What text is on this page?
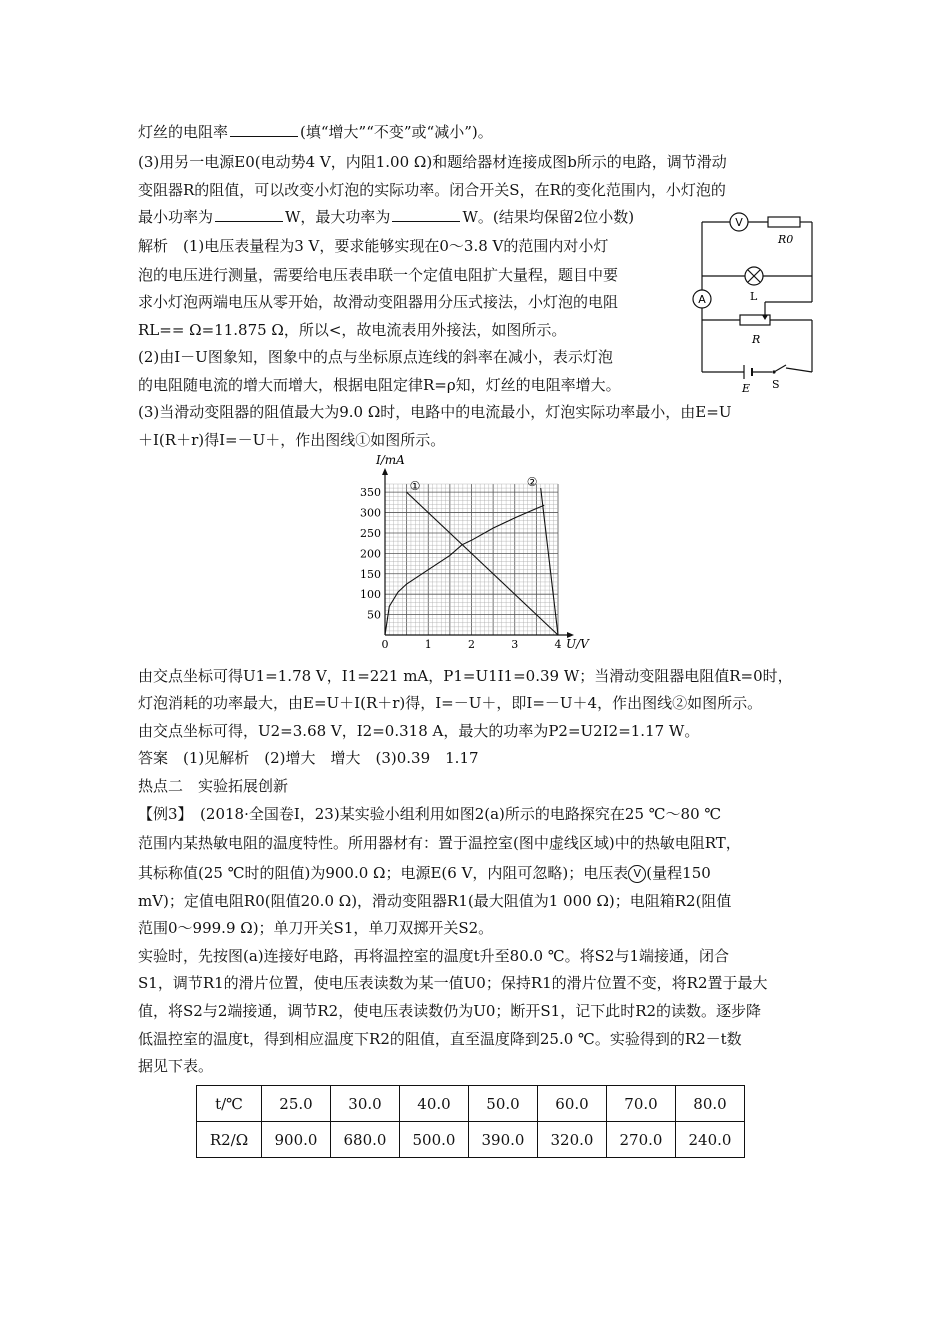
灯丝的电阻率	(填“增大”“不变”或“减小”)。
(3)用另一电源E0(电动势4 V，内阻1.00 Ω)和题给器材连接成图b所示的电路，调节滑动
变阻器R的阻值，可以改变小灯泡的实际功率。闭合开关S，在R的变化范围内，小灯泡的
最小功率为	W，最大功率为	W。(结果均保留2位小数)
解析　(1)电压表量程为3 V，要求能够实现在0～3.8 V的范围内对小灯
泡的电压进行测量，需要给电压表串联一个定值电阻扩大量程，题目中要
求小灯泡两端电压从零开始，故滑动变阻器用分压式接法，小灯泡的电阻
RL== Ω=11.875 Ω，所以<，故电流表用外接法，如图所示。
(2)由I－U图象知，图象中的点与坐标原点连线的斜率在减小，表示灯泡
的电阻随电流的增大而增大，根据电阻定律R=ρ知，灯丝的电阻率增大。
(3)当滑动变阻器的阻值最大为9.0 Ω时，电路中的电流最小，灯泡实际功率最小，由E=U
＋I(R＋r)得I=－U＋，作出图线①如图所示。
V
R0
L
A
R
E S
0	1	2	3	4
50
100
150
200
250
300
350
I/mA
U/V
①	②
由交点坐标可得U1=1.78 V，I1=221 mA，P1=U1I1=0.39 W；当滑动变阻器电阻值R=0时，
灯泡消耗的功率最大，由E=U＋I(R＋r)得，I=－U＋，即I=－U＋4，作出图线②如图所示。
由交点坐标可得，U2=3.68 V，I2=0.318 A，最大的功率为P2=U2I2=1.17 W。
答案　(1)见解析　(2)增大　增大　(3)0.39　1.17
热点二　实验拓展创新
【例3】　(2018·全国卷Ⅰ，23)某实验小组利用如图2(a)所示的电路探究在25 ℃～80 ℃
范围内某热敏电阻的温度特性。所用器材有：置于温控室(图中虚线区域)中的热敏电阻RT，
其标称值(25 ℃时的阻值)为900.0 Ω；电源E(6 V，内阻可忽略)；电压表 V (量程150
mV)；定值电阻R0(阻值20.0 Ω)，滑动变阻器R1(最大阻值为1 000 Ω)；电阻箱R2(阻值
范围0～999.9 Ω)；单刀开关S1，单刀双掷开关S2。
实验时，先按图(a)连接好电路，再将温控室的温度t升至80.0 ℃。将S2与1端接通，闭合
S1，调节R1的滑片位置，使电压表读数为某一值U0；保持R1的滑片位置不变，将R2置于最大
值，将S2与2端接通，调节R2，使电压表读数仍为U0；断开S1，记下此时R2的读数。逐步降
低温控室的温度t，得到相应温度下R2的阻值，直至温度降到25.0 ℃。实验得到的R2－t数
据见下表。
t/℃	25.0	30.0	40.0	50.0	60.0	70.0	80.0
R2/Ω	900.0	680.0	500.0	390.0	320.0	270.0	240.0
